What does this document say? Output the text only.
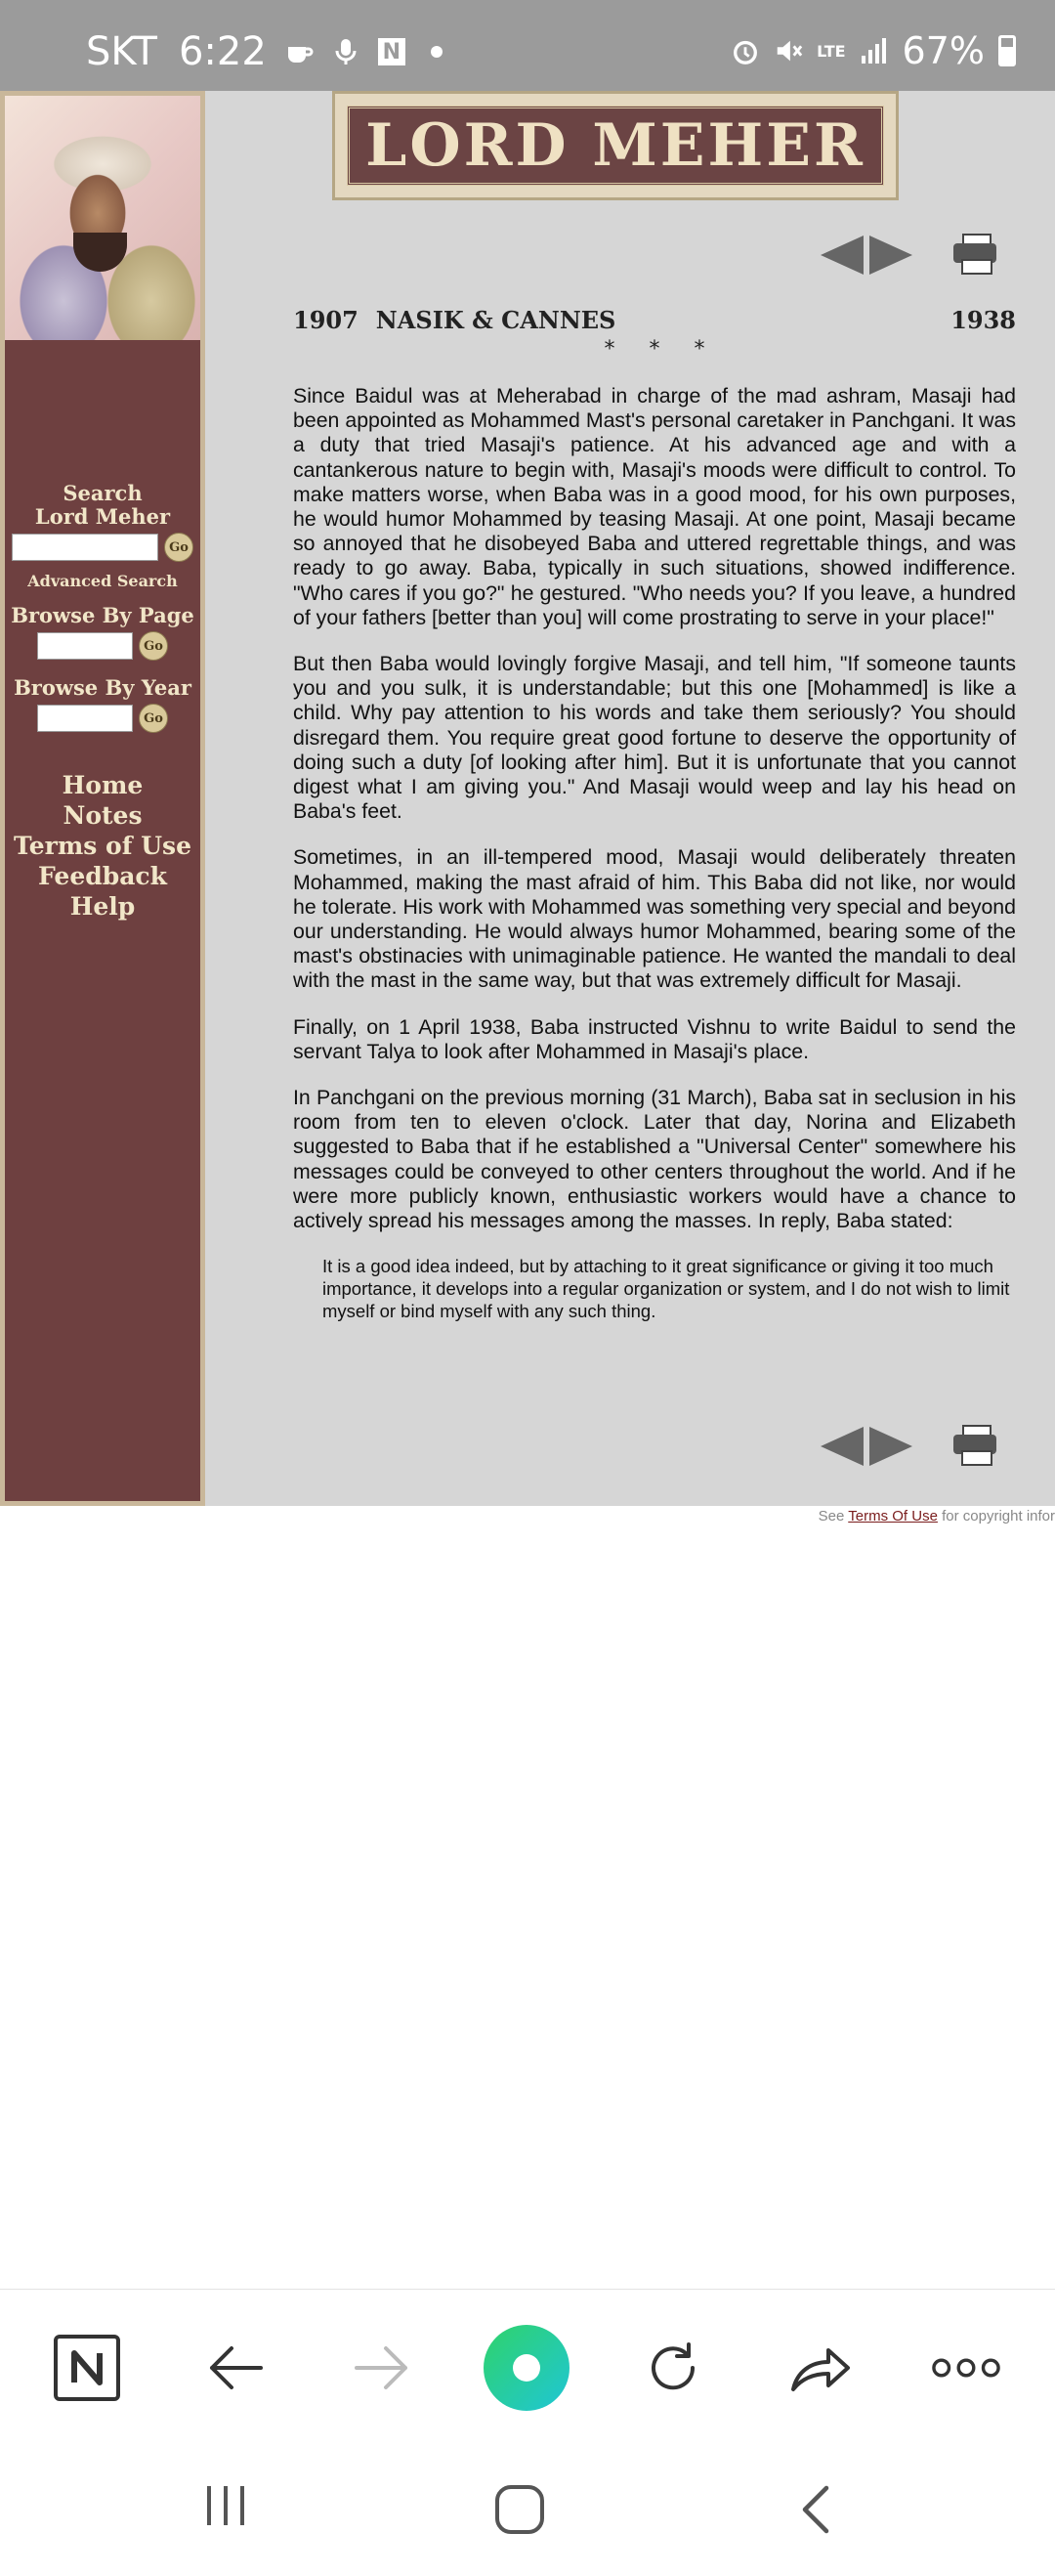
SKT 6:22	N	LTE 67%
Search
Lord Meher
Go
Advanced Search
Browse By Page
Go
Browse By Year
Go
Home
Notes
Terms of Use
Feedback
Help
LORD MEHER
1907 NASIK & CANNES	1938
* * *

Since Baidul was at Meherabad in charge of the mad ashram, Masaji had been appointed as Mohammed Mast's personal caretaker in Panchgani. It was a duty that tried Masaji's patience. At his advanced age and with a cantankerous nature to begin with, Masaji's moods were difficult to control. To make matters worse, when Baba was in a good mood, for his own purposes, he would humor Mohammed by teasing Masaji. At one point, Masaji became so annoyed that he disobeyed Baba and uttered regrettable things, and was ready to go away. Baba, typically in such situations, showed indifference. "Who cares if you go?" he gestured. "Who needs you? If you leave, a hundred of your fathers [better than you] will come prostrating to serve in your place!"

But then Baba would lovingly forgive Masaji, and tell him, "If someone taunts you and you sulk, it is understandable; but this one [Mohammed] is like a child. Why pay attention to his words and take them seriously? You should disregard them. You require great good fortune to deserve the opportunity of doing such a duty [of looking after him]. But it is unfortunate that you cannot digest what I am giving you." And Masaji would weep and lay his head on Baba's feet.

Sometimes, in an ill-tempered mood, Masaji would deliberately threaten Mohammed, making the mast afraid of him. This Baba did not like, nor would he tolerate. His work with Mohammed was something very special and beyond our understanding. He would always humor Mohammed, bearing some of the mast's obstinacies with unimaginable patience. He wanted the mandali to deal with the mast in the same way, but that was extremely difficult for Masaji.

Finally, on 1 April 1938, Baba instructed Vishnu to write Baidul to send the servant Talya to look after Mohammed in Masaji's place.

In Panchgani on the previous morning (31 March), Baba sat in seclusion in his room from ten to eleven o'clock. Later that day, Norina and Elizabeth suggested to Baba that if he established a "Universal Center" somewhere his messages could be conveyed to other centers throughout the world. And if he were more publicly known, enthusiastic workers would have a chance to actively spread his messages among the masses. In reply, Baba stated:

It is a good idea indeed, but by attaching to it great significance or giving it too much importance, it develops into a regular organization or system, and I do not wish to limit myself or bind myself with any such thing.

See Terms Of Use for copyright infor
